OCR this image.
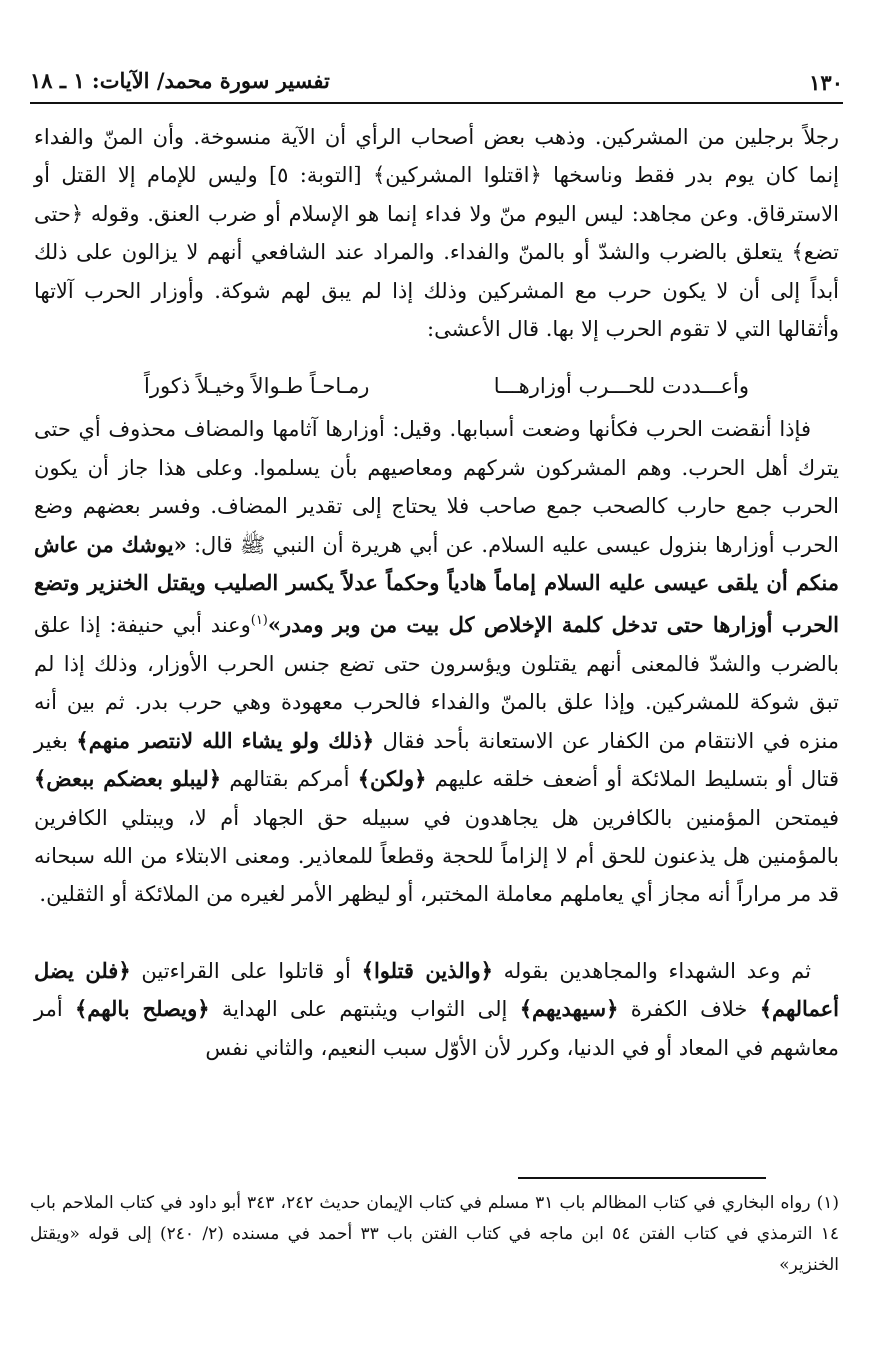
١٣٠
تفسير سورة محمد/ الآيات: ١ ـ ١٨

رجلاً برجلين من المشركين. وذهب بعض أصحاب الرأي أن الآية منسوخة. وأن المنّ والفداء إنما كان يوم بدر فقط وناسخها ﴿اقتلوا المشركين﴾ [التوبة: ٥] وليس للإمام إلا القتل أو الاسترقاق. وعن مجاهد: ليس اليوم منّ ولا فداء إنما هو الإسلام أو ضرب العنق. وقوله ﴿حتى تضع﴾ يتعلق بالضرب والشدّ أو بالمنّ والفداء. والمراد عند الشافعي أنهم لا يزالون على ذلك أبداً إلى أن لا يكون حرب مع المشركين وذلك إذا لم يبق لهم شوكة. وأوزار الحرب آلاتها وأثقالها التي لا تقوم الحرب إلا بها. قال الأعشى:

وأعـــددت للحـــرب أوزارهـــا
رمـاحـاً طـوالاً وخيـلاً ذكوراً

فإذا أنقضت الحرب فكأنها وضعت أسبابها. وقيل: أوزارها آثامها والمضاف محذوف أي حتى يترك أهل الحرب. وهم المشركون شركهم ومعاصيهم بأن يسلموا. وعلى هذا جاز أن يكون الحرب جمع حارب كالصحب جمع صاحب فلا يحتاج إلى تقدير المضاف. وفسر بعضهم وضع الحرب أوزارها بنزول عيسى عليه السلام. عن أبي هريرة أن النبي ﷺ قال: «يوشك من عاش منكم أن يلقى عيسى عليه السلام إماماً هادياً وحكماً عدلاً يكسر الصليب ويقتل الخنزير وتضع الحرب أوزارها حتى تدخل كلمة الإخلاص كل بيت من وبر ومدر»$^{(١)}$وعند أبي حنيفة: إذا علق بالضرب والشدّ فالمعنى أنهم يقتلون ويؤسرون حتى تضع جنس الحرب الأوزار، وذلك إذا لم تبق شوكة للمشركين. وإذا علق بالمنّ والفداء فالحرب معهودة وهي حرب بدر. ثم بين أنه منزه في الانتقام من الكفار عن الاستعانة بأحد فقال ﴿ذلك ولو يشاء الله لانتصر منهم﴾ بغير قتال أو بتسليط الملائكة أو أضعف خلقه عليهم ﴿ولكن﴾ أمركم بقتالهم ﴿ليبلو بعضكم ببعض﴾ فيمتحن المؤمنين بالكافرين هل يجاهدون في سبيله حق الجهاد أم لا، ويبتلي الكافرين بالمؤمنين هل يذعنون للحق أم لا إلزاماً للحجة وقطعاً للمعاذير. ومعنى الابتلاء من الله سبحانه قد مر مراراً أنه مجاز أي يعاملهم معاملة المختبر، أو ليظهر الأمر لغيره من الملائكة أو الثقلين.

ثم وعد الشهداء والمجاهدين بقوله ﴿والذين قتلوا﴾ أو قاتلوا على القراءتين ﴿فلن يضل أعمالهم﴾ خلاف الكفرة ﴿سيهديهم﴾ إلى الثواب ويثبتهم على الهداية ﴿ويصلح بالهم﴾ أمر معاشهم في المعاد أو في الدنيا، وكرر لأن الأوّل سبب النعيم، والثاني نفس

(١) رواه البخاري في كتاب المظالم باب ٣١ مسلم في كتاب الإيمان حديث ٢٤٢، ٣٤٣ أبو داود في كتاب الملاحم باب ١٤ الترمذي في كتاب الفتن ٥٤ ابن ماجه في كتاب الفتن باب ٣٣ أحمد في مسنده (٢/ ٢٤٠) إلى قوله «ويقتل الخنزير»
